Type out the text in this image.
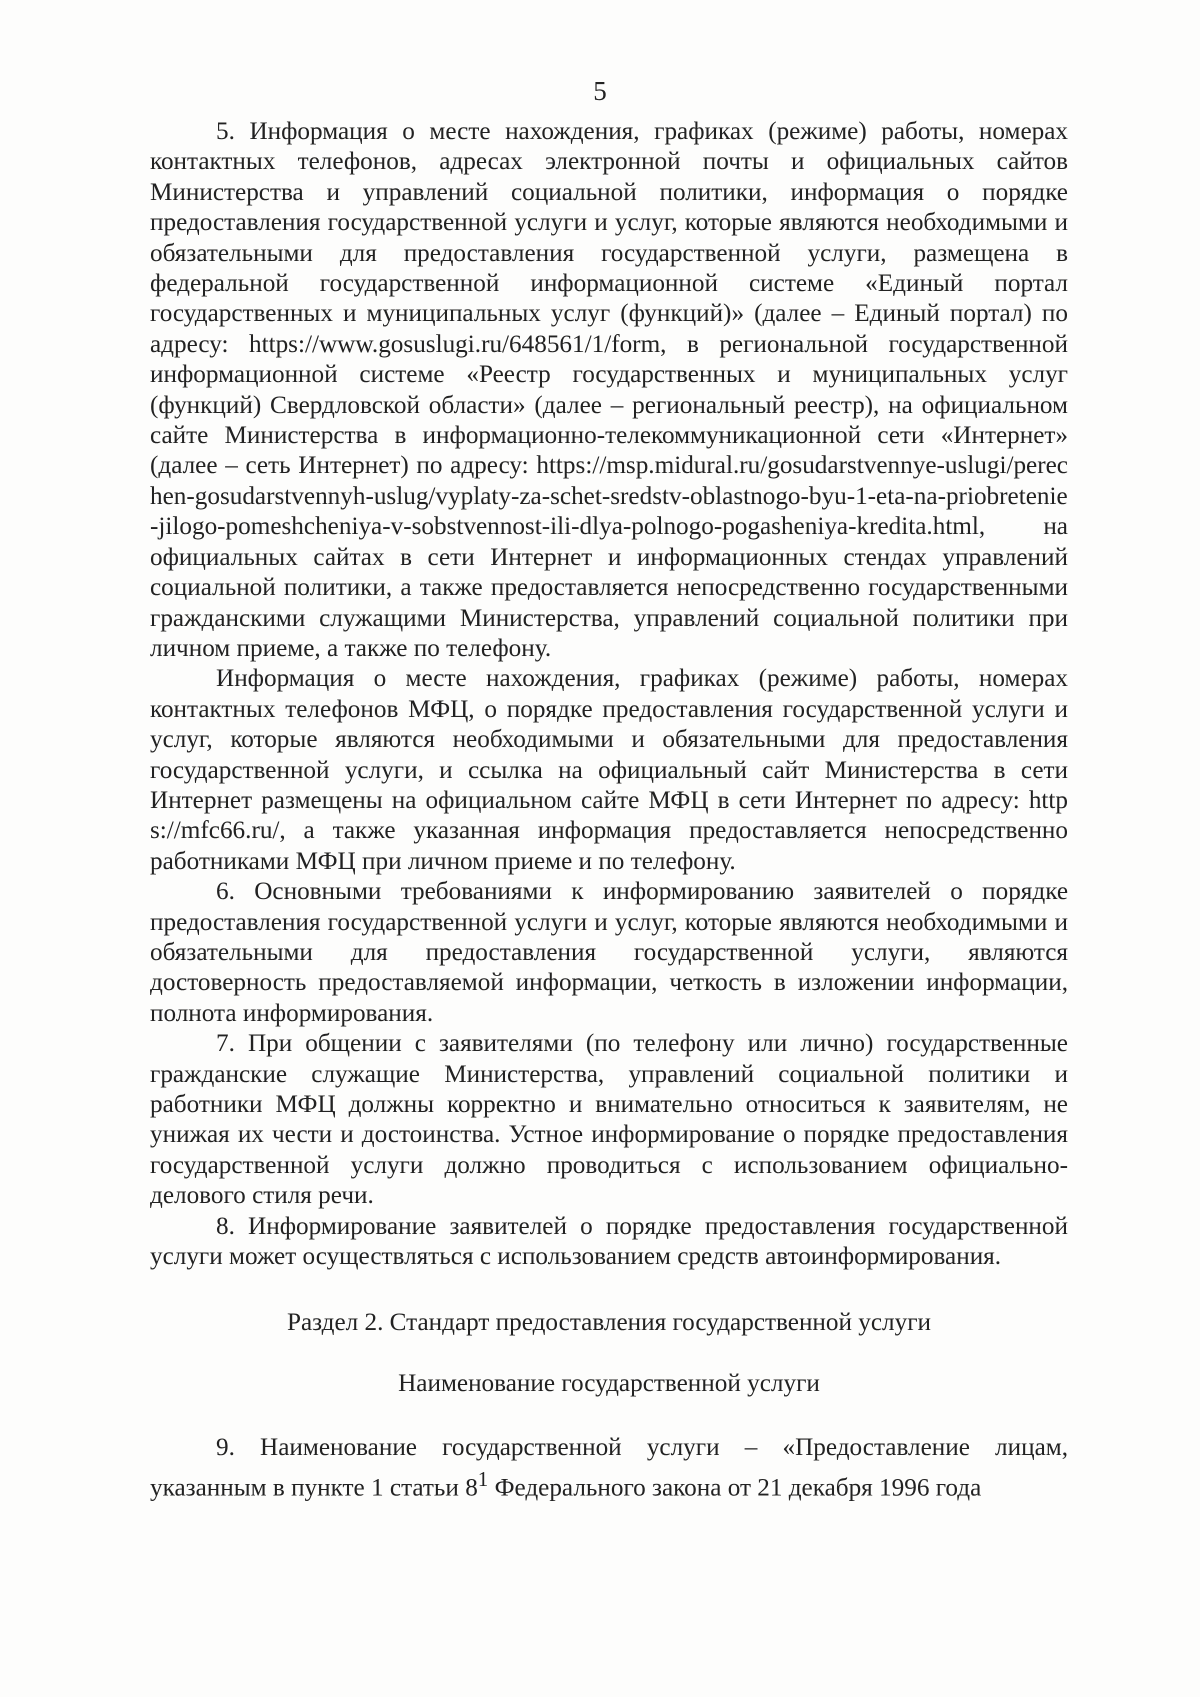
5

5. Информация о месте нахождения, графиках (режиме) работы, номерах контактных телефонов, адресах электронной почты и официальных сайтов Министерства и управлений социальной политики, информация о порядке предоставления государственной услуги и услуг, которые являются необходимыми и обязательными для предоставления государственной услуги, размещена в федеральной государственной информационной системе «Единый портал государственных и муниципальных услуг (функций)» (далее – Единый портал) по адресу: https://www.gosuslugi.ru/648561/1/form, в региональной государственной информационной системе «Реестр государственных и муниципальных услуг (функций) Свердловской области» (далее – региональный реестр), на официальном сайте Министерства в информационно-телекоммуникационной сети «Интернет» (далее – сеть Интернет) по адресу: https://msp.midural.ru/gosudarstvennye-uslugi/perechen-gosudarstvennyh-uslug/vyplaty-za-schet-sredstv-oblastnogo-byu-1-eta-na-priobretenie-jilogo-pomeshcheniya-v-sobstvennost-ili-dlya-polnogo-pogasheniya-kredita.html, на официальных сайтах в сети Интернет и информационных стендах управлений социальной политики, а также предоставляется непосредственно государственными гражданскими служащими Министерства, управлений социальной политики при личном приеме, а также по телефону.

Информация о месте нахождения, графиках (режиме) работы, номерах контактных телефонов МФЦ, о порядке предоставления государственной услуги и услуг, которые являются необходимыми и обязательными для предоставления государственной услуги, и ссылка на официальный сайт Министерства в сети Интернет размещены на официальном сайте МФЦ в сети Интернет по адресу: https://mfc66.ru/, а также указанная информация предоставляется непосредственно работниками МФЦ при личном приеме и по телефону.

6. Основными требованиями к информированию заявителей о порядке предоставления государственной услуги и услуг, которые являются необходимыми и обязательными для предоставления государственной услуги, являются достоверность предоставляемой информации, четкость в изложении информации, полнота информирования.

7. При общении с заявителями (по телефону или лично) государственные гражданские служащие Министерства, управлений социальной политики и работники МФЦ должны корректно и внимательно относиться к заявителям, не унижая их чести и достоинства. Устное информирование о порядке предоставления государственной услуги должно проводиться с использованием официально-делового стиля речи.

8. Информирование заявителей о порядке предоставления государственной услуги может осуществляться с использованием средств автоинформирования.

Раздел 2. Стандарт предоставления государственной услуги

Наименование государственной услуги

9. Наименование государственной услуги – «Предоставление лицам, указанным в пункте 1 статьи $8^1$ Федерального закона от 21 декабря 1996 года
